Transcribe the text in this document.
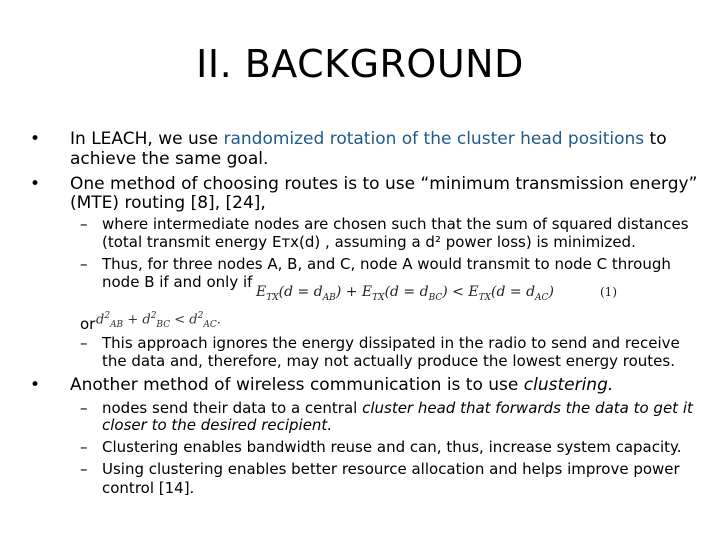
II. BACKGROUND
• In LEACH, we use randomized rotation of the cluster head positions to
achieve the same goal.
• One method of choosing routes is to use “minimum transmission energy”
(MTE) routing [8], [24],
– where intermediate nodes are chosen such that the sum of squared distances
(total transmit energy Eтx(d) , assuming a d² power loss) is minimized.
– Thus, for three nodes A, B, and C, node A would transmit to node C through
node B if and only if
$E_{TX}(d = d_{AB}) + E_{TX}(d = d_{BC}) < E_{TX}(d = d_{AC})$	(1)
or $d^2_{AB} + d^2_{BC} < d^2_{AC}$.
– This approach ignores the energy dissipated in the radio to send and receive
the data and, therefore, may not actually produce the lowest energy routes.
• Another method of wireless communication is to use clustering.
– nodes send their data to a central cluster head that forwards the data to get it
closer to the desired recipient.
– Clustering enables bandwidth reuse and can, thus, increase system capacity.
– Using clustering enables better resource allocation and helps improve power
control [14].
